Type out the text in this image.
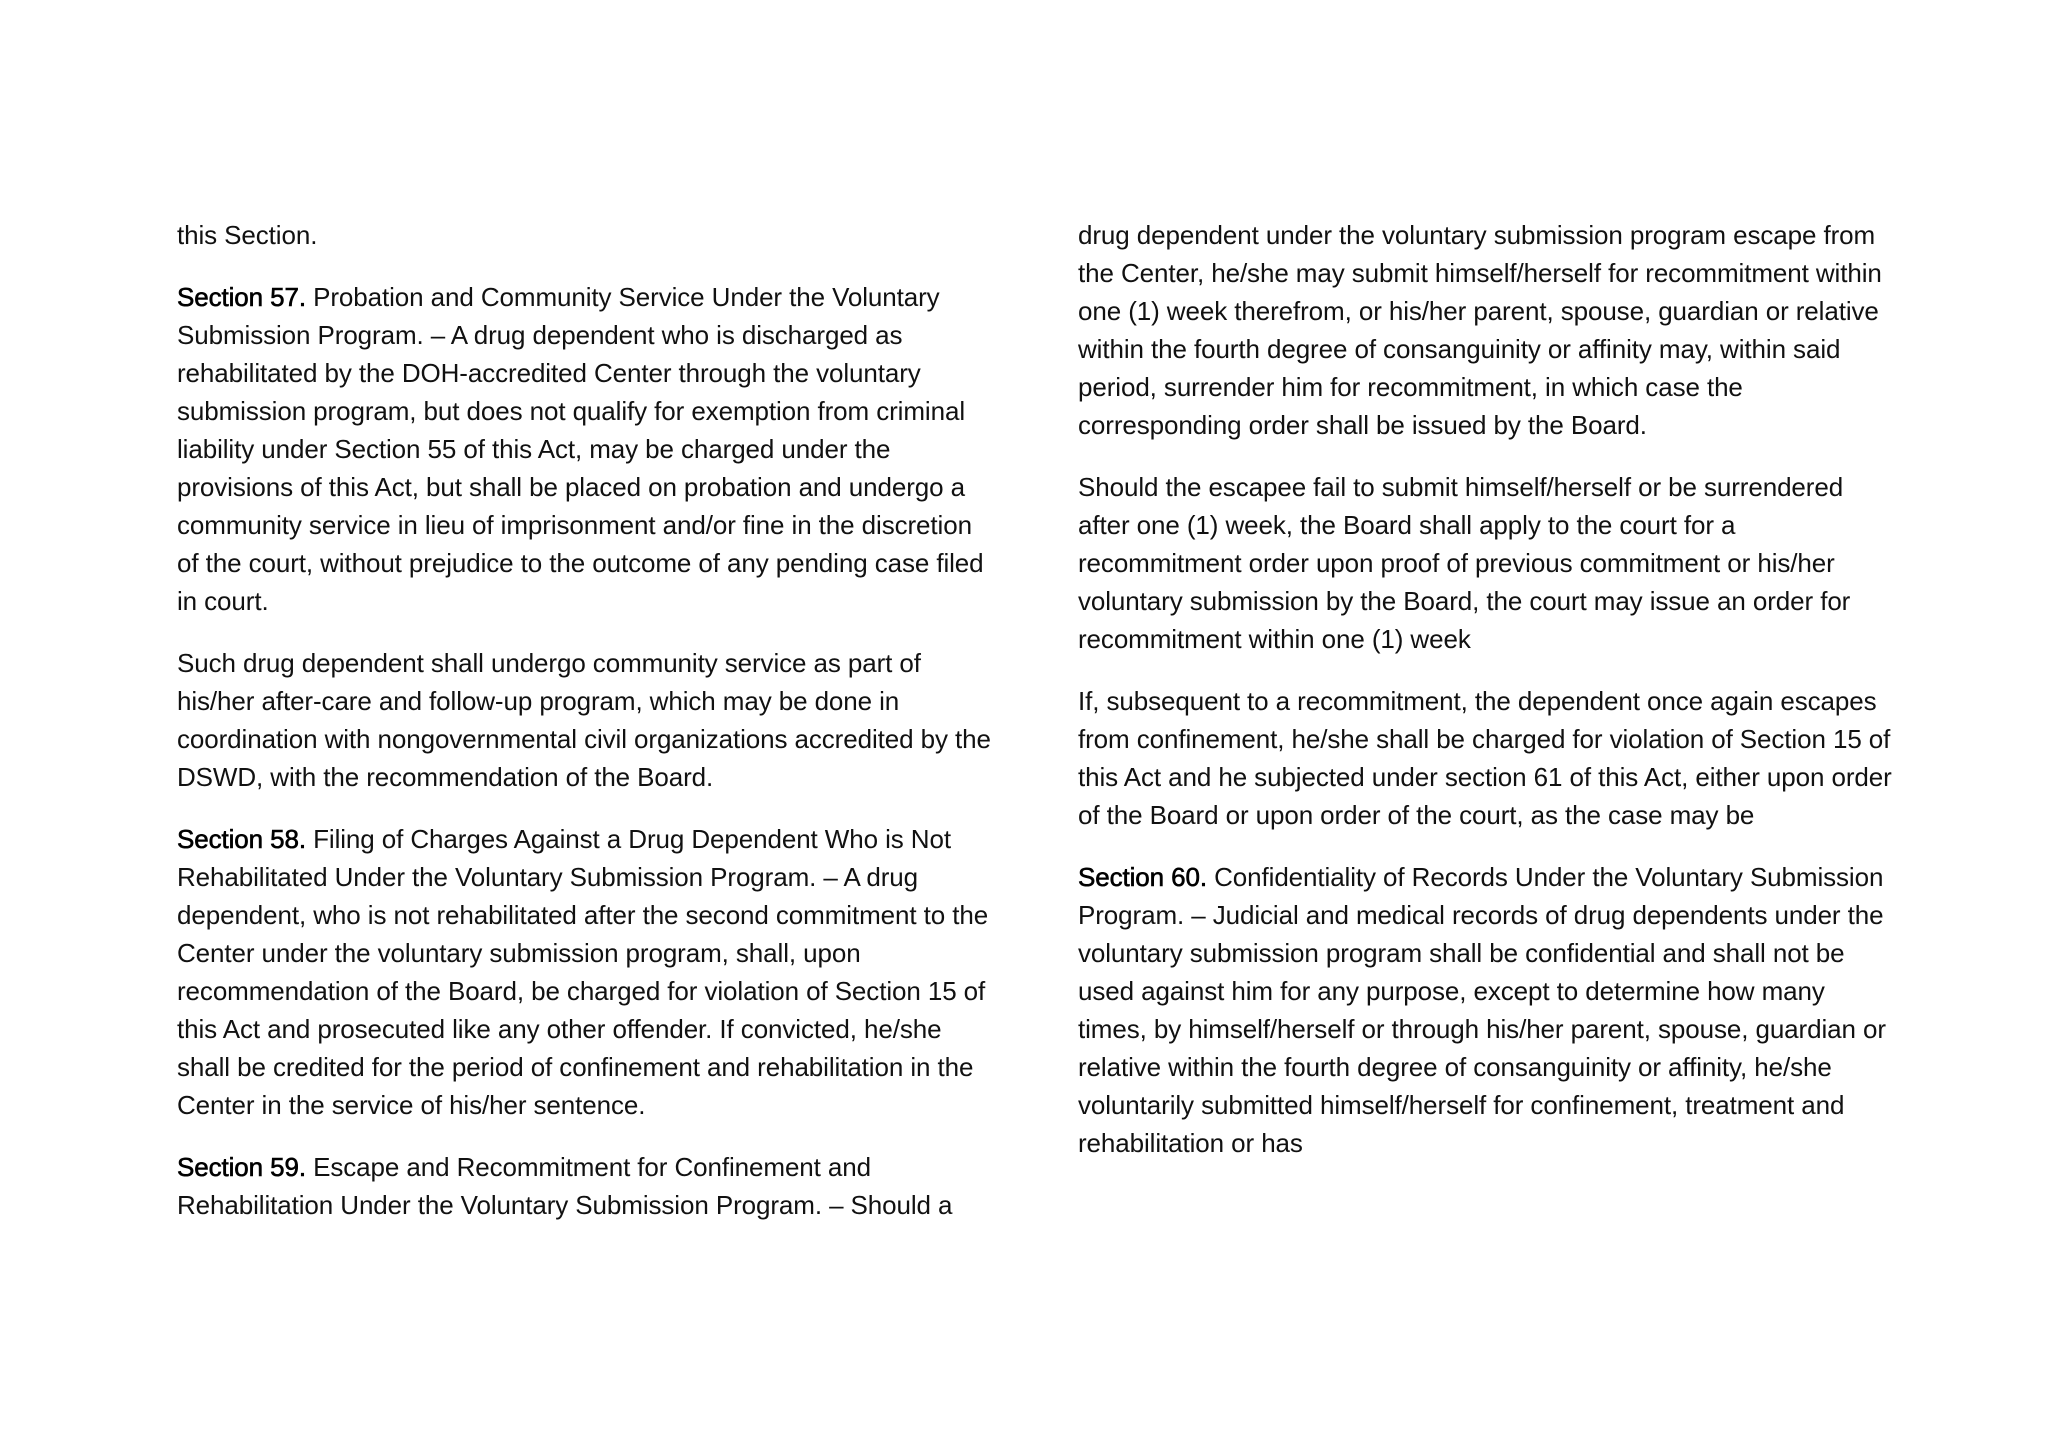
this Section.

Section 57. Probation and Community Service Under the Voluntary Submission Program. – A drug dependent who is discharged as rehabilitated by the DOH-accredited Center through the voluntary submission program, but does not qualify for exemption from criminal liability under Section 55 of this Act, may be charged under the provisions of this Act, but shall be placed on probation and undergo a community service in lieu of imprisonment and/or fine in the discretion of the court, without prejudice to the outcome of any pending case filed in court.

Such drug dependent shall undergo community service as part of his/her after-care and follow-up program, which may be done in coordination with nongovernmental civil organizations accredited by the DSWD, with the recommendation of the Board.

Section 58. Filing of Charges Against a Drug Dependent Who is Not Rehabilitated Under the Voluntary Submission Program. – A drug dependent, who is not rehabilitated after the second commitment to the Center under the voluntary submission program, shall, upon recommendation of the Board, be charged for violation of Section 15 of this Act and prosecuted like any other offender. If convicted, he/she shall be credited for the period of confinement and rehabilitation in the Center in the service of his/her sentence.

Section 59. Escape and Recommitment for Confinement and Rehabilitation Under the Voluntary Submission Program. – Should a

drug dependent under the voluntary submission program escape from the Center, he/she may submit himself/herself for recommitment within one (1) week therefrom, or his/her parent, spouse, guardian or relative within the fourth degree of consanguinity or affinity may, within said period, surrender him for recommitment, in which case the corresponding order shall be issued by the Board.

Should the escapee fail to submit himself/herself or be surrendered after one (1) week, the Board shall apply to the court for a recommitment order upon proof of previous commitment or his/her voluntary submission by the Board, the court may issue an order for recommitment within one (1) week

If, subsequent to a recommitment, the dependent once again escapes from confinement, he/she shall be charged for violation of Section 15 of this Act and he subjected under section 61 of this Act, either upon order of the Board or upon order of the court, as the case may be

Section 60. Confidentiality of Records Under the Voluntary Submission Program. – Judicial and medical records of drug dependents under the voluntary submission program shall be confidential and shall not be used against him for any purpose, except to determine how many times, by himself/herself or through his/her parent, spouse, guardian or relative within the fourth degree of consanguinity or affinity, he/she voluntarily submitted himself/herself for confinement, treatment and rehabilitation or has
